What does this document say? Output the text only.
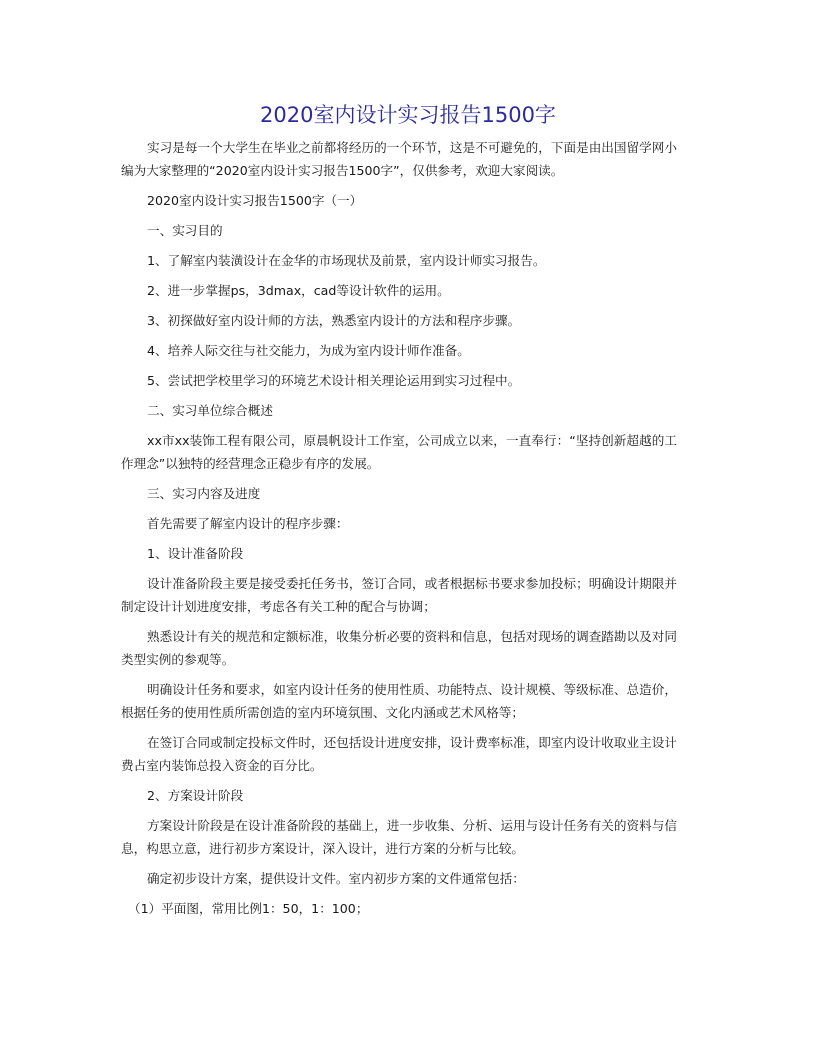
2020室内设计实习报告1500字

实习是每一个大学生在毕业之前都将经历的一个环节，这是不可避免的，下面是由出国留学网小编为大家整理的“2020室内设计实习报告1500字”，仅供参考，欢迎大家阅读。

2020室内设计实习报告1500字（一）

一、实习目的

1、了解室内装潢设计在金华的市场现状及前景，室内设计师实习报告。

2、进一步掌握ps，3dmax，cad等设计软件的运用。

3、初探做好室内设计师的方法，熟悉室内设计的方法和程序步骤。

4、培养人际交往与社交能力，为成为室内设计师作准备。

5、尝试把学校里学习的环境艺术设计相关理论运用到实习过程中。

二、实习单位综合概述

xx市xx装饰工程有限公司，原晨帆设计工作室，公司成立以来，一直奉行：“坚持创新超越的工作理念”以独特的经营理念正稳步有序的发展。

三、实习内容及进度

首先需要了解室内设计的程序步骤：

1、设计准备阶段

设计准备阶段主要是接受委托任务书，签订合同，或者根据标书要求参加投标；明确设计期限并制定设计计划进度安排，考虑各有关工种的配合与协调；

熟悉设计有关的规范和定额标准，收集分析必要的资料和信息，包括对现场的调查踏勘以及对同类型实例的参观等。

明确设计任务和要求，如室内设计任务的使用性质、功能特点、设计规模、等级标准、总造价，根据任务的使用性质所需创造的室内环境氛围、文化内涵或艺术风格等；

在签订合同或制定投标文件时，还包括设计进度安排，设计费率标准，即室内设计收取业主设计费占室内装饰总投入资金的百分比。

2、方案设计阶段

方案设计阶段是在设计准备阶段的基础上，进一步收集、分析、运用与设计任务有关的资料与信息，构思立意，进行初步方案设计，深入设计，进行方案的分析与比较。

确定初步设计方案，提供设计文件。室内初步方案的文件通常包括：

（1）平面图，常用比例1：50，1：100；
